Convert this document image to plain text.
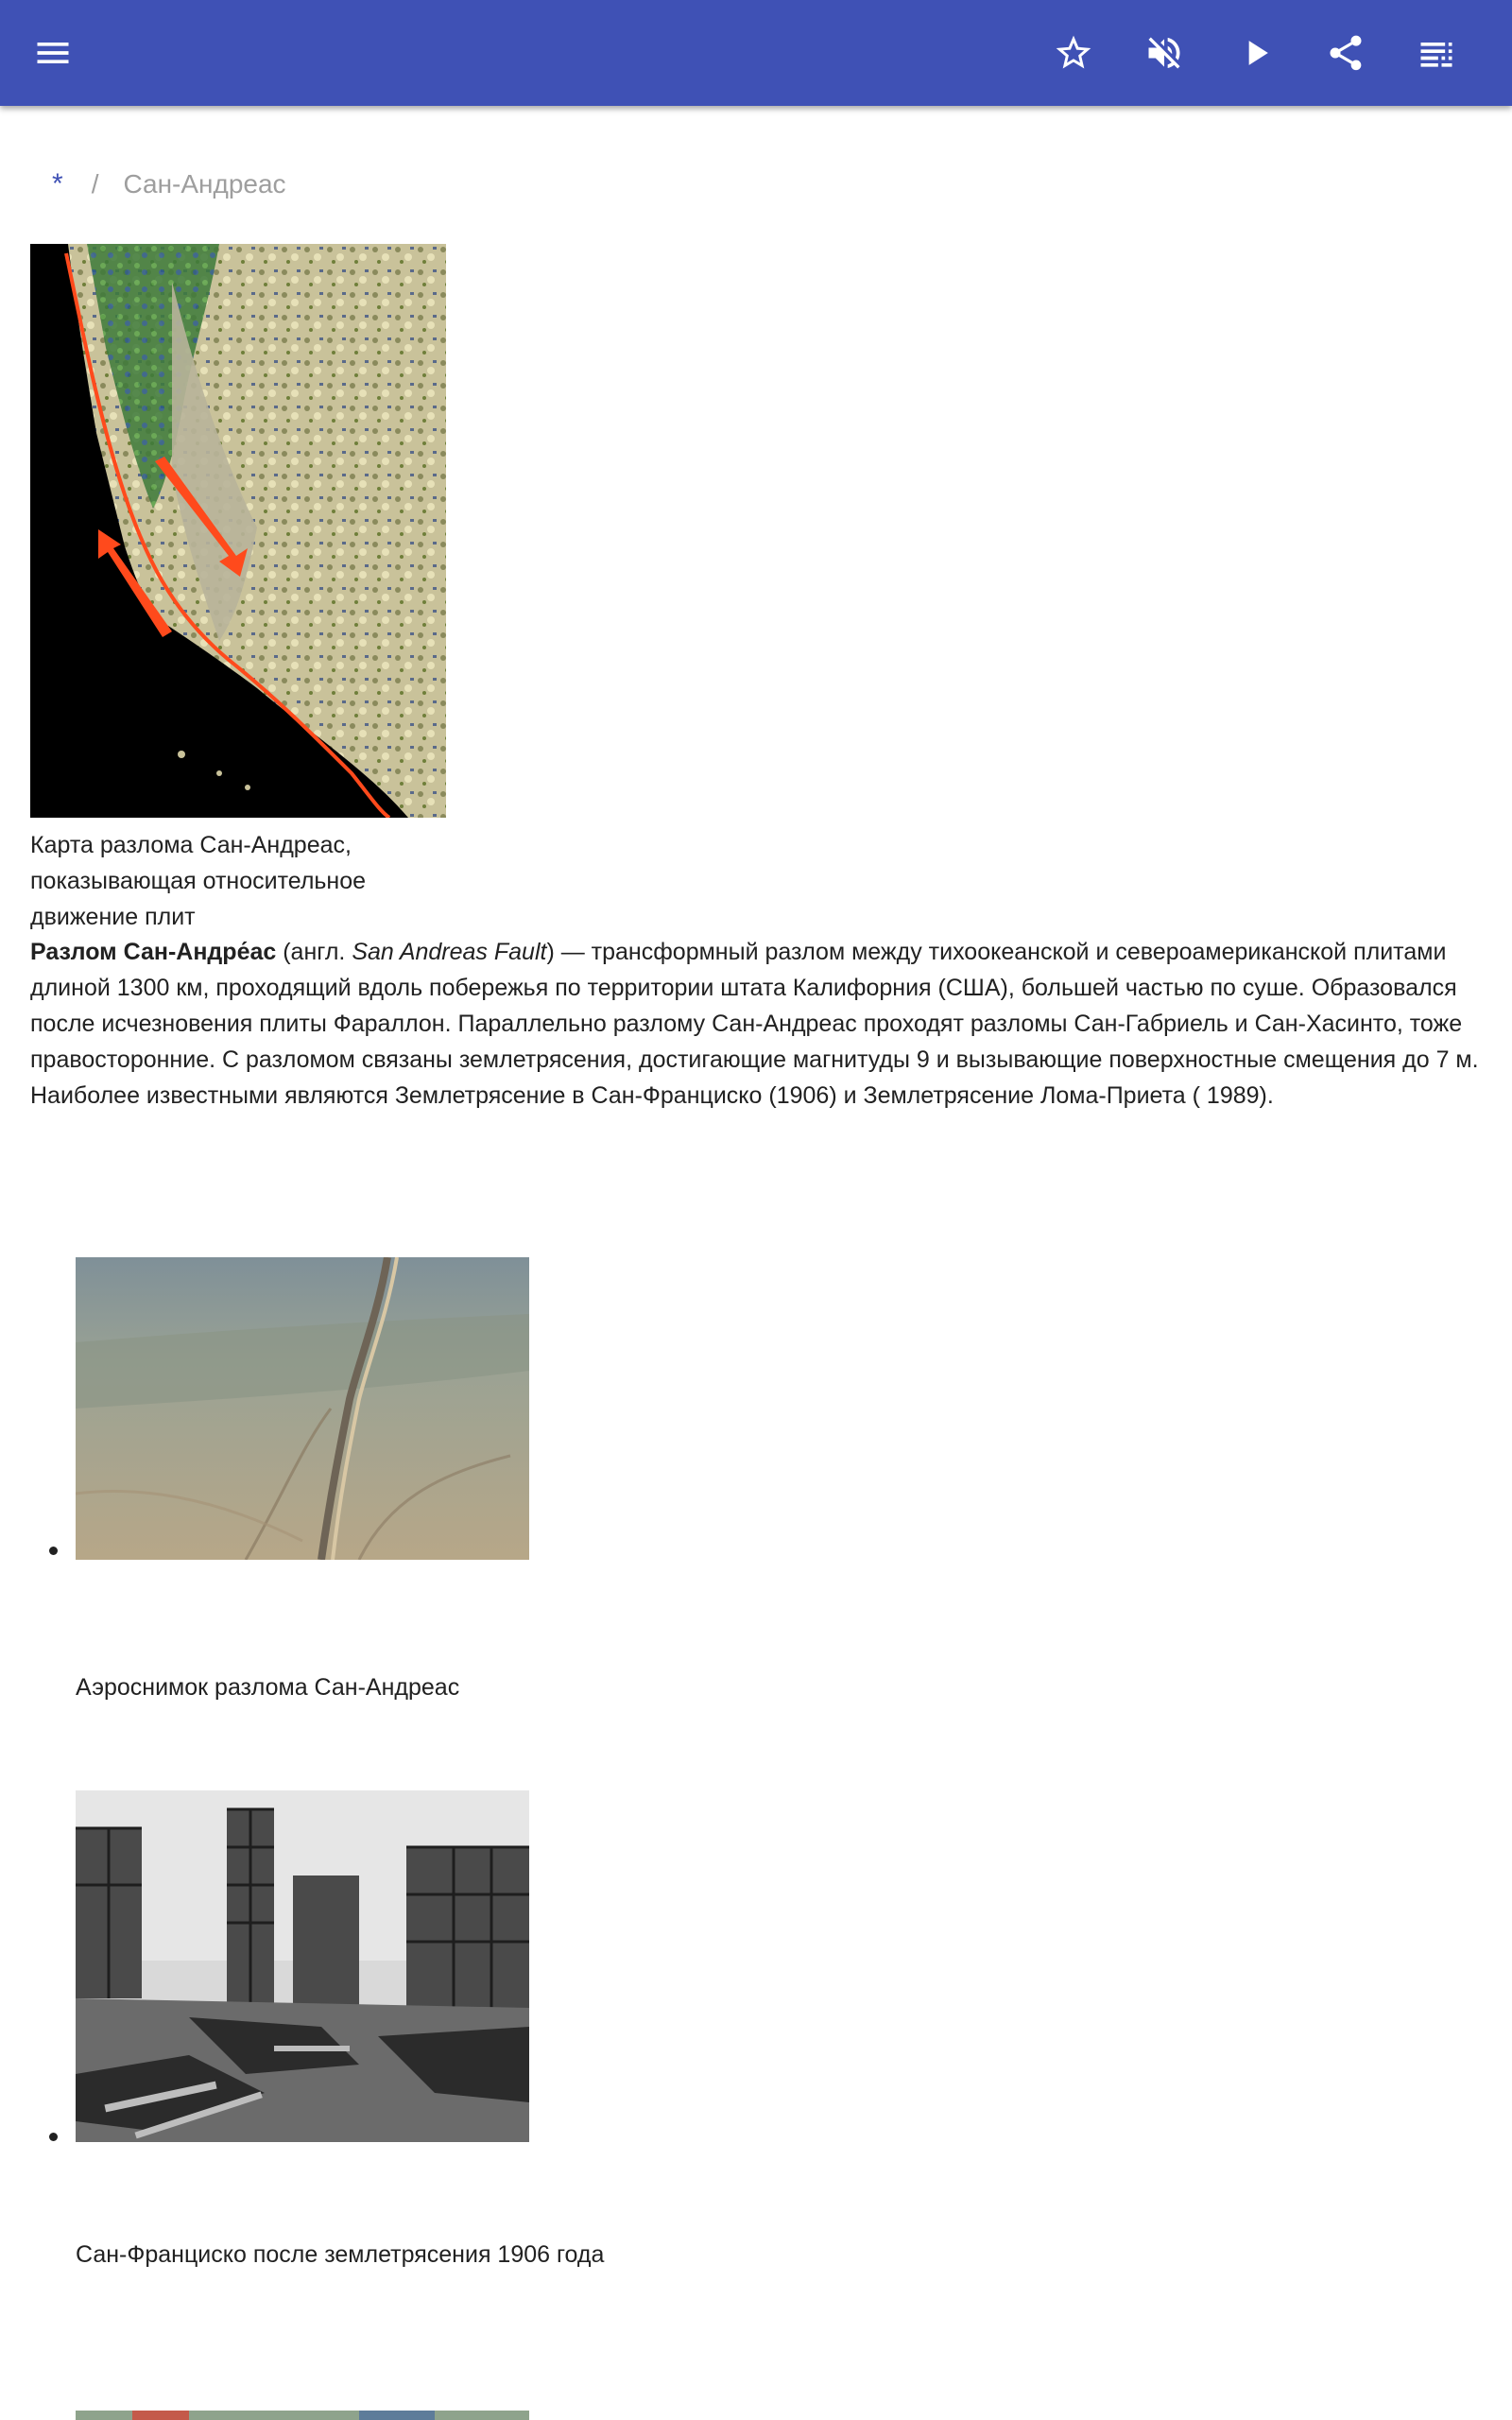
* / Сан-Андреас
Карта разлома Сан-Андреас, показывающая относительное движение плит
Разлом Сан-Андре́ас (англ. San Andreas Fault) — трансформный разлом между тихоокеанской и североамериканской плитами длиной 1300 км, проходящий вдоль побережья по территории штата Калифорния (США), большей частью по суше. Образовался после исчезновения плиты Фараллон. Параллельно разлому Сан-Андреас проходят разломы Сан-Габриель и Сан-Хасинто, тоже правосторонние. С разломом связаны землетрясения, достигающие магнитуды 9 и вызывающие поверхностные смещения до 7 м. Наиболее известными являются Землетрясение в Сан-Франциско (1906) и Землетрясение Лома-Приета ( 1989).
Аэроснимок разлома Сан-Андреас
Сан-Франциско после землетрясения 1906 года
